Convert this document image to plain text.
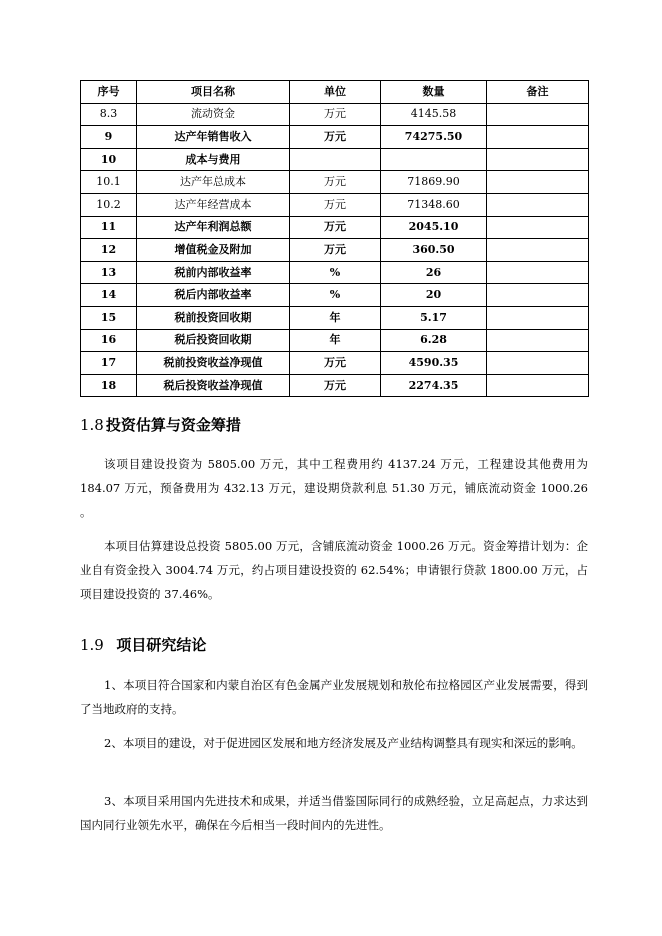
序号	项目名称	单位	数量	备注
8.3	流动资金	万元	4145.58	
9	达产年销售收入	万元	74275.50	
10	成本与费用			
10.1	达产年总成本	万元	71869.90	
10.2	达产年经营成本	万元	71348.60	
11	达产年利润总额	万元	2045.10	
12	增值税金及附加	万元	360.50	
13	税前内部收益率	%	26	
14	税后内部收益率	%	20	
15	税前投资回收期	年	5.17	
16	税后投资回收期	年	6.28	
17	税前投资收益净现值	万元	4590.35	
18	税后投资收益净现值	万元	2274.35	
1.8 投资估算与资金筹措

该项目建设投资为 5805.00 万元，其中工程费用约 4137.24 万元，工程建设其他费用为 184.07 万元，预备费用为 432.13 万元，建设期贷款利息 51.30 万元，铺底流动资金 1000.26 。

本项目估算建设总投资 5805.00 万元，含铺底流动资金 1000.26 万元。资金筹措计划为：企业自有资金投入 3004.74 万元，约占项目建设投资的 62.54%；申请银行贷款 1800.00 万元，占项目建设投资的 37.46%。

1.9 项目研究结论

1、本项目符合国家和内蒙自治区有色金属产业发展规划和敖伦布拉格园区产业发展需要，得到了当地政府的支持。

2、本项目的建设，对于促进园区发展和地方经济发展及产业结构调整具有现实和深远的影响。

3、本项目采用国内先进技术和成果，并适当借鉴国际同行的成熟经验，立足高起点，力求达到国内同行业领先水平，确保在今后相当一段时间内的先进性。
